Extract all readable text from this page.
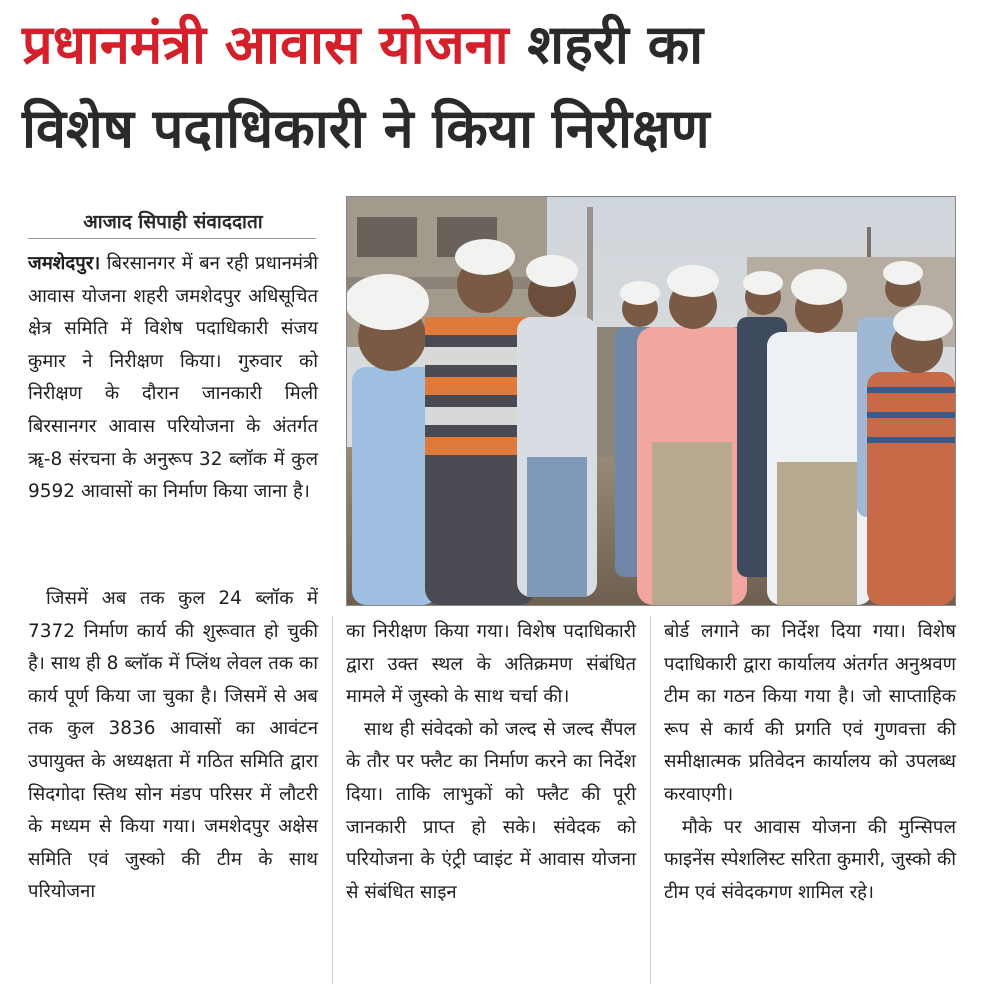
प्रधानमंत्री आवास योजना शहरी का
विशेष पदाधिकारी ने किया निरीक्षण
आजाद सिपाही संवाददाता

जमशेदपुर। बिरसानगर में बन रही प्रधानमंत्री आवास योजना शहरी जमशेदपुर अधिसूचित क्षेत्र समिति में विशेष पदाधिकारी संजय कुमार ने निरीक्षण किया। गुरुवार को निरीक्षण के दौरान जानकारी मिली बिरसानगर आवास परियोजना के अंतर्गत ॠ-8 संरचना के अनुरूप 32 ब्लॉक में कुल 9592 आवासों का निर्माण किया जाना है।

जिसमें अब तक कुल 24 ब्लॉक में 7372 निर्माण कार्य की शुरूवात हो चुकी है। साथ ही 8 ब्लॉक में प्लिंथ लेवल तक का कार्य पूर्ण किया जा चुका है। जिसमें से अब तक कुल 3836 आवासों का आवंटन उपायुक्त के अध्यक्षता में गठित समिति द्वारा सिदगोदा स्तिथ सोन मंडप परिसर में लौटरी के मध्यम से किया गया। जमशेदपुर अक्षेस समिति एवं जुस्को की टीम के साथ परियोजना

का निरीक्षण किया गया। विशेष पदाधिकारी द्वारा उक्त स्थल के अतिक्रमण संबंधित मामले में जुस्को के साथ चर्चा की।

साथ ही संवेदको को जल्द से जल्द सैंपल के तौर पर फ्लैट का निर्माण करने का निर्देश दिया। ताकि लाभुकों को फ्लैट की पूरी जानकारी प्राप्त हो सके। संवेदक को परियोजना के एंट्री प्वाइंट में आवास योजना से संबंधित साइन

बोर्ड लगाने का निर्देश दिया गया। विशेष पदाधिकारी द्वारा कार्यालय अंतर्गत अनुश्रवण टीम का गठन किया गया है। जो साप्ताहिक रूप से कार्य की प्रगति एवं गुणवत्ता की समीक्षात्मक प्रतिवेदन कार्यालय को उपलब्ध करवाएगी।

मौके पर आवास योजना की मुन्सिपल फाइनेंस स्पेशलिस्ट सरिता कुमारी, जुस्को की टीम एवं संवेदकगण शामिल रहे।
